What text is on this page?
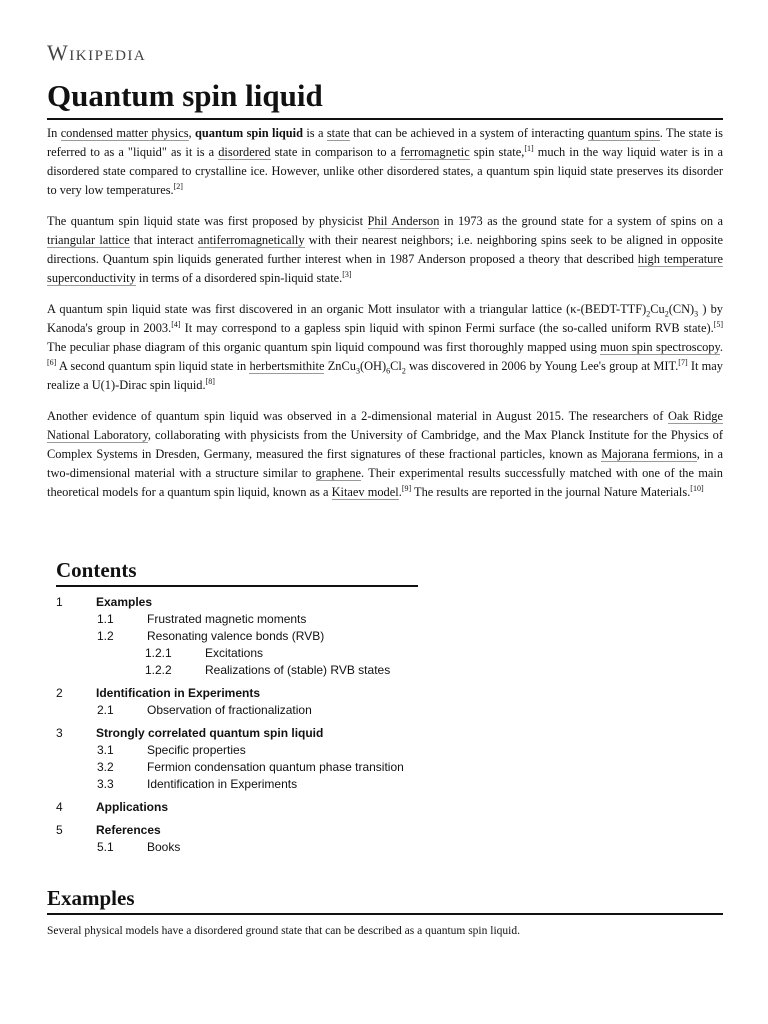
Wikipedia
Quantum spin liquid

In condensed matter physics, quantum spin liquid is a state that can be achieved in a system of interacting quantum spins. The state is referred to as a "liquid" as it is a disordered state in comparison to a ferromagnetic spin state,[1] much in the way liquid water is in a disordered state compared to crystalline ice. However, unlike other disordered states, a quantum spin liquid state preserves its disorder to very low temperatures.[2]

The quantum spin liquid state was first proposed by physicist Phil Anderson in 1973 as the ground state for a system of spins on a triangular lattice that interact antiferromagnetically with their nearest neighbors; i.e. neighboring spins seek to be aligned in opposite directions. Quantum spin liquids generated further interest when in 1987 Anderson proposed a theory that described high temperature superconductivity in terms of a disordered spin-liquid state.[3]

A quantum spin liquid state was first discovered in an organic Mott insulator with a triangular lattice ($\kappa-(BEDT-TTF)_2Cu_2(CN)_3$ ) by Kanoda's group in 2003.[4] It may correspond to a gapless spin liquid with spinon Fermi surface (the so-called uniform RVB state).[5] The peculiar phase diagram of this organic quantum spin liquid compound was first thoroughly mapped using muon spin spectroscopy.[6] A second quantum spin liquid state in herbertsmithite $ZnCu_3(OH)_6Cl_2$ was discovered in 2006 by Young Lee's group at MIT.[7] It may realize a U(1)-Dirac spin liquid.[8]

Another evidence of quantum spin liquid was observed in a 2-dimensional material in August 2015. The researchers of Oak Ridge National Laboratory, collaborating with physicists from the University of Cambridge, and the Max Planck Institute for the Physics of Complex Systems in Dresden, Germany, measured the first signatures of these fractional particles, known as Majorana fermions, in a two-dimensional material with a structure similar to graphene. Their experimental results successfully matched with one of the main theoretical models for a quantum spin liquid, known as a Kitaev model.[9] The results are reported in the journal Nature Materials.[10]

Contents
1	Examples
1.1	Frustrated magnetic moments
1.2	Resonating valence bonds (RVB)
1.2.1	Excitations
1.2.2	Realizations of (stable) RVB states
2	Identification in Experiments
2.1	Observation of fractionalization
3	Strongly correlated quantum spin liquid
3.1	Specific properties
3.2	Fermion condensation quantum phase transition
3.3	Identification in Experiments
4	Applications
5	References
5.1	Books
Examples
Several physical models have a disordered ground state that can be described as a quantum spin liquid.
